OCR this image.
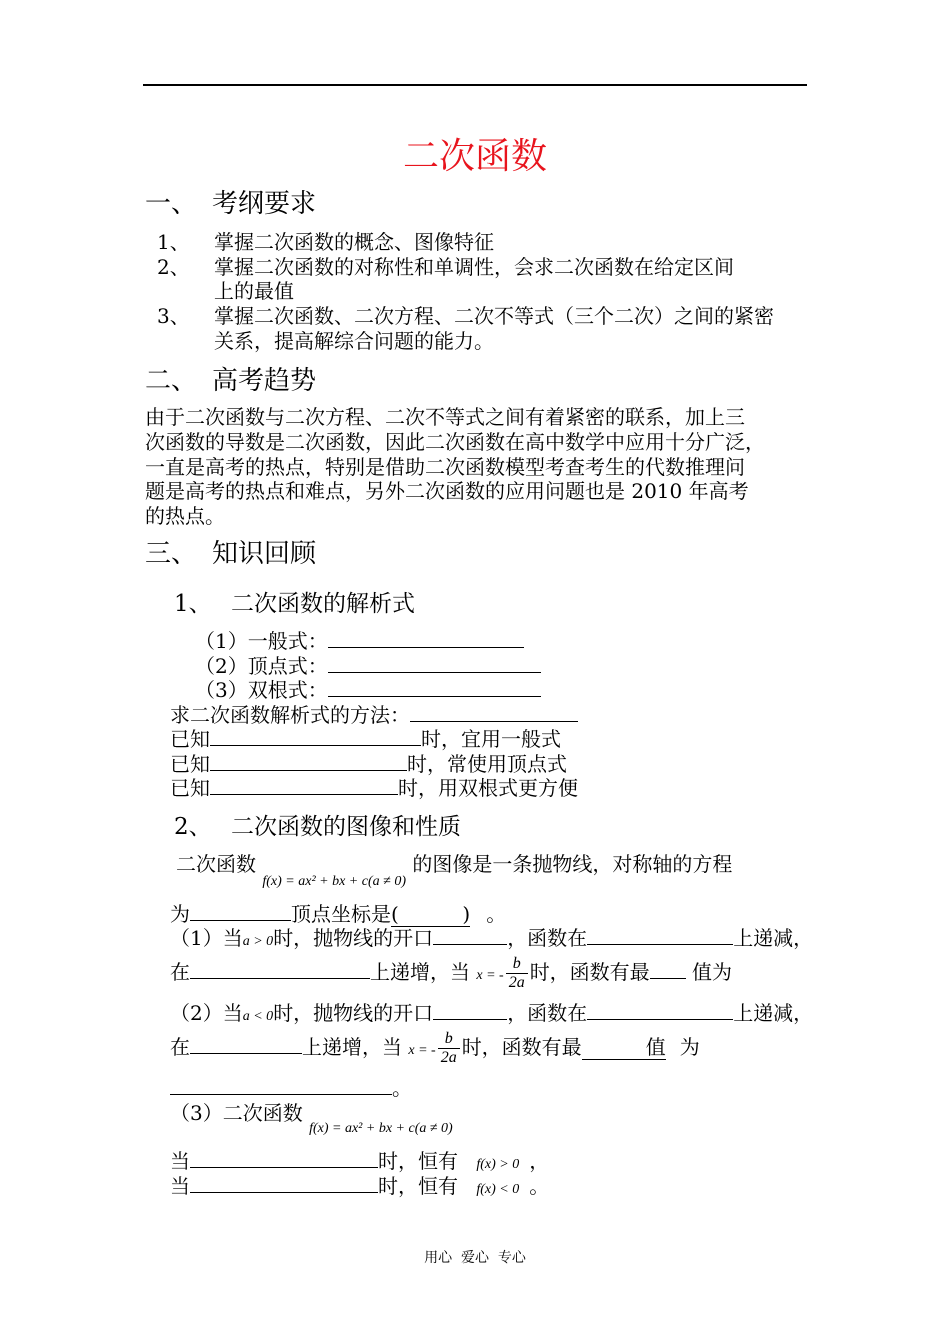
二次函数
一、 考纲要求
1、 掌握二次函数的概念、图像特征
2、 掌握二次函数的对称性和单调性，会求二次函数在给定区间
上的最值
3、 掌握二次函数、二次方程、二次不等式（三个二次）之间的紧密
关系，提高解综合问题的能力。
二、 高考趋势
由于二次函数与二次方程、二次不等式之间有着紧密的联系，加上三
次函数的导数是二次函数，因此二次函数在高中数学中应用十分广泛，
一直是高考的热点，特别是借助二次函数模型考查考生的代数推理问
题是高考的热点和难点，另外二次函数的应用问题也是 2010 年高考
的热点。
三、 知识回顾
1、 二次函数的解析式
（1）一般式：
（2）顶点式：
（3）双根式：
求二次函数解析式的方法：
已知	时，宜用一般式
已知	时，常使用顶点式
已知	时，用双根式更方便
2、 二次函数的图像和性质
二次函数 $_{f(x) = ax^2 + bx + c(a \ne 0)}$ 的图像是一条抛物线，对称轴的方程
为	顶点坐标是(          ) 。
（1）当a > 0时，抛物线的开口	，函数在	上递减，
在	上递增，当 x = - $\frac{b}{2a}$ 时，函数有最 值为
（2）当a < 0时，抛物线的开口	，函数在	上递减，
在	上递增，当 x = - $\frac{b}{2a}$ 时，函数有最	值 为
。
（3）二次函数 $_{f(x) = ax^2 + bx + c(a \ne 0)}$
当	时，恒有 f(x) > 0 ，
当	时，恒有 f(x) < 0 。
用心  爱心  专心
